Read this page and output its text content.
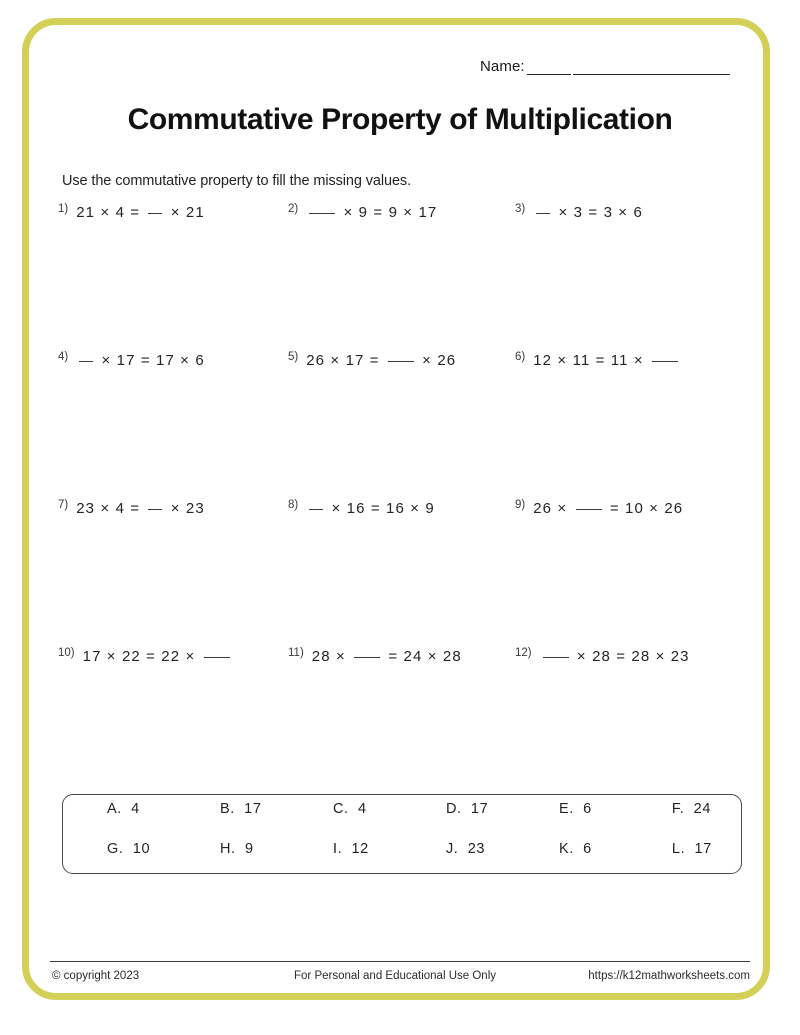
Name:
Commutative Property of Multiplication
Use the commutative property to fill the missing values.
1) 21 × 4 = × 21	2)	× 9 = 9 × 17	3)	× 3 = 3 × 6
4)	× 17 = 17 × 6	5) 26 × 17 =	× 26	6) 12 × 11 = 11 ×
7) 23 × 4 = × 23	8)	× 16 = 16 × 9	9) 26 ×	= 10 × 26
10) 17 × 22 = 22 ×	11) 28 ×	= 24 × 28	12)	× 28 = 28 × 23
A. 4	B. 17	C. 4	D. 17	E. 6	F. 24
G. 10	H. 9	I. 12	J. 23	K. 6	L. 17
© copyright 2023	For Personal and Educational Use Only	https://k12mathworksheets.com
